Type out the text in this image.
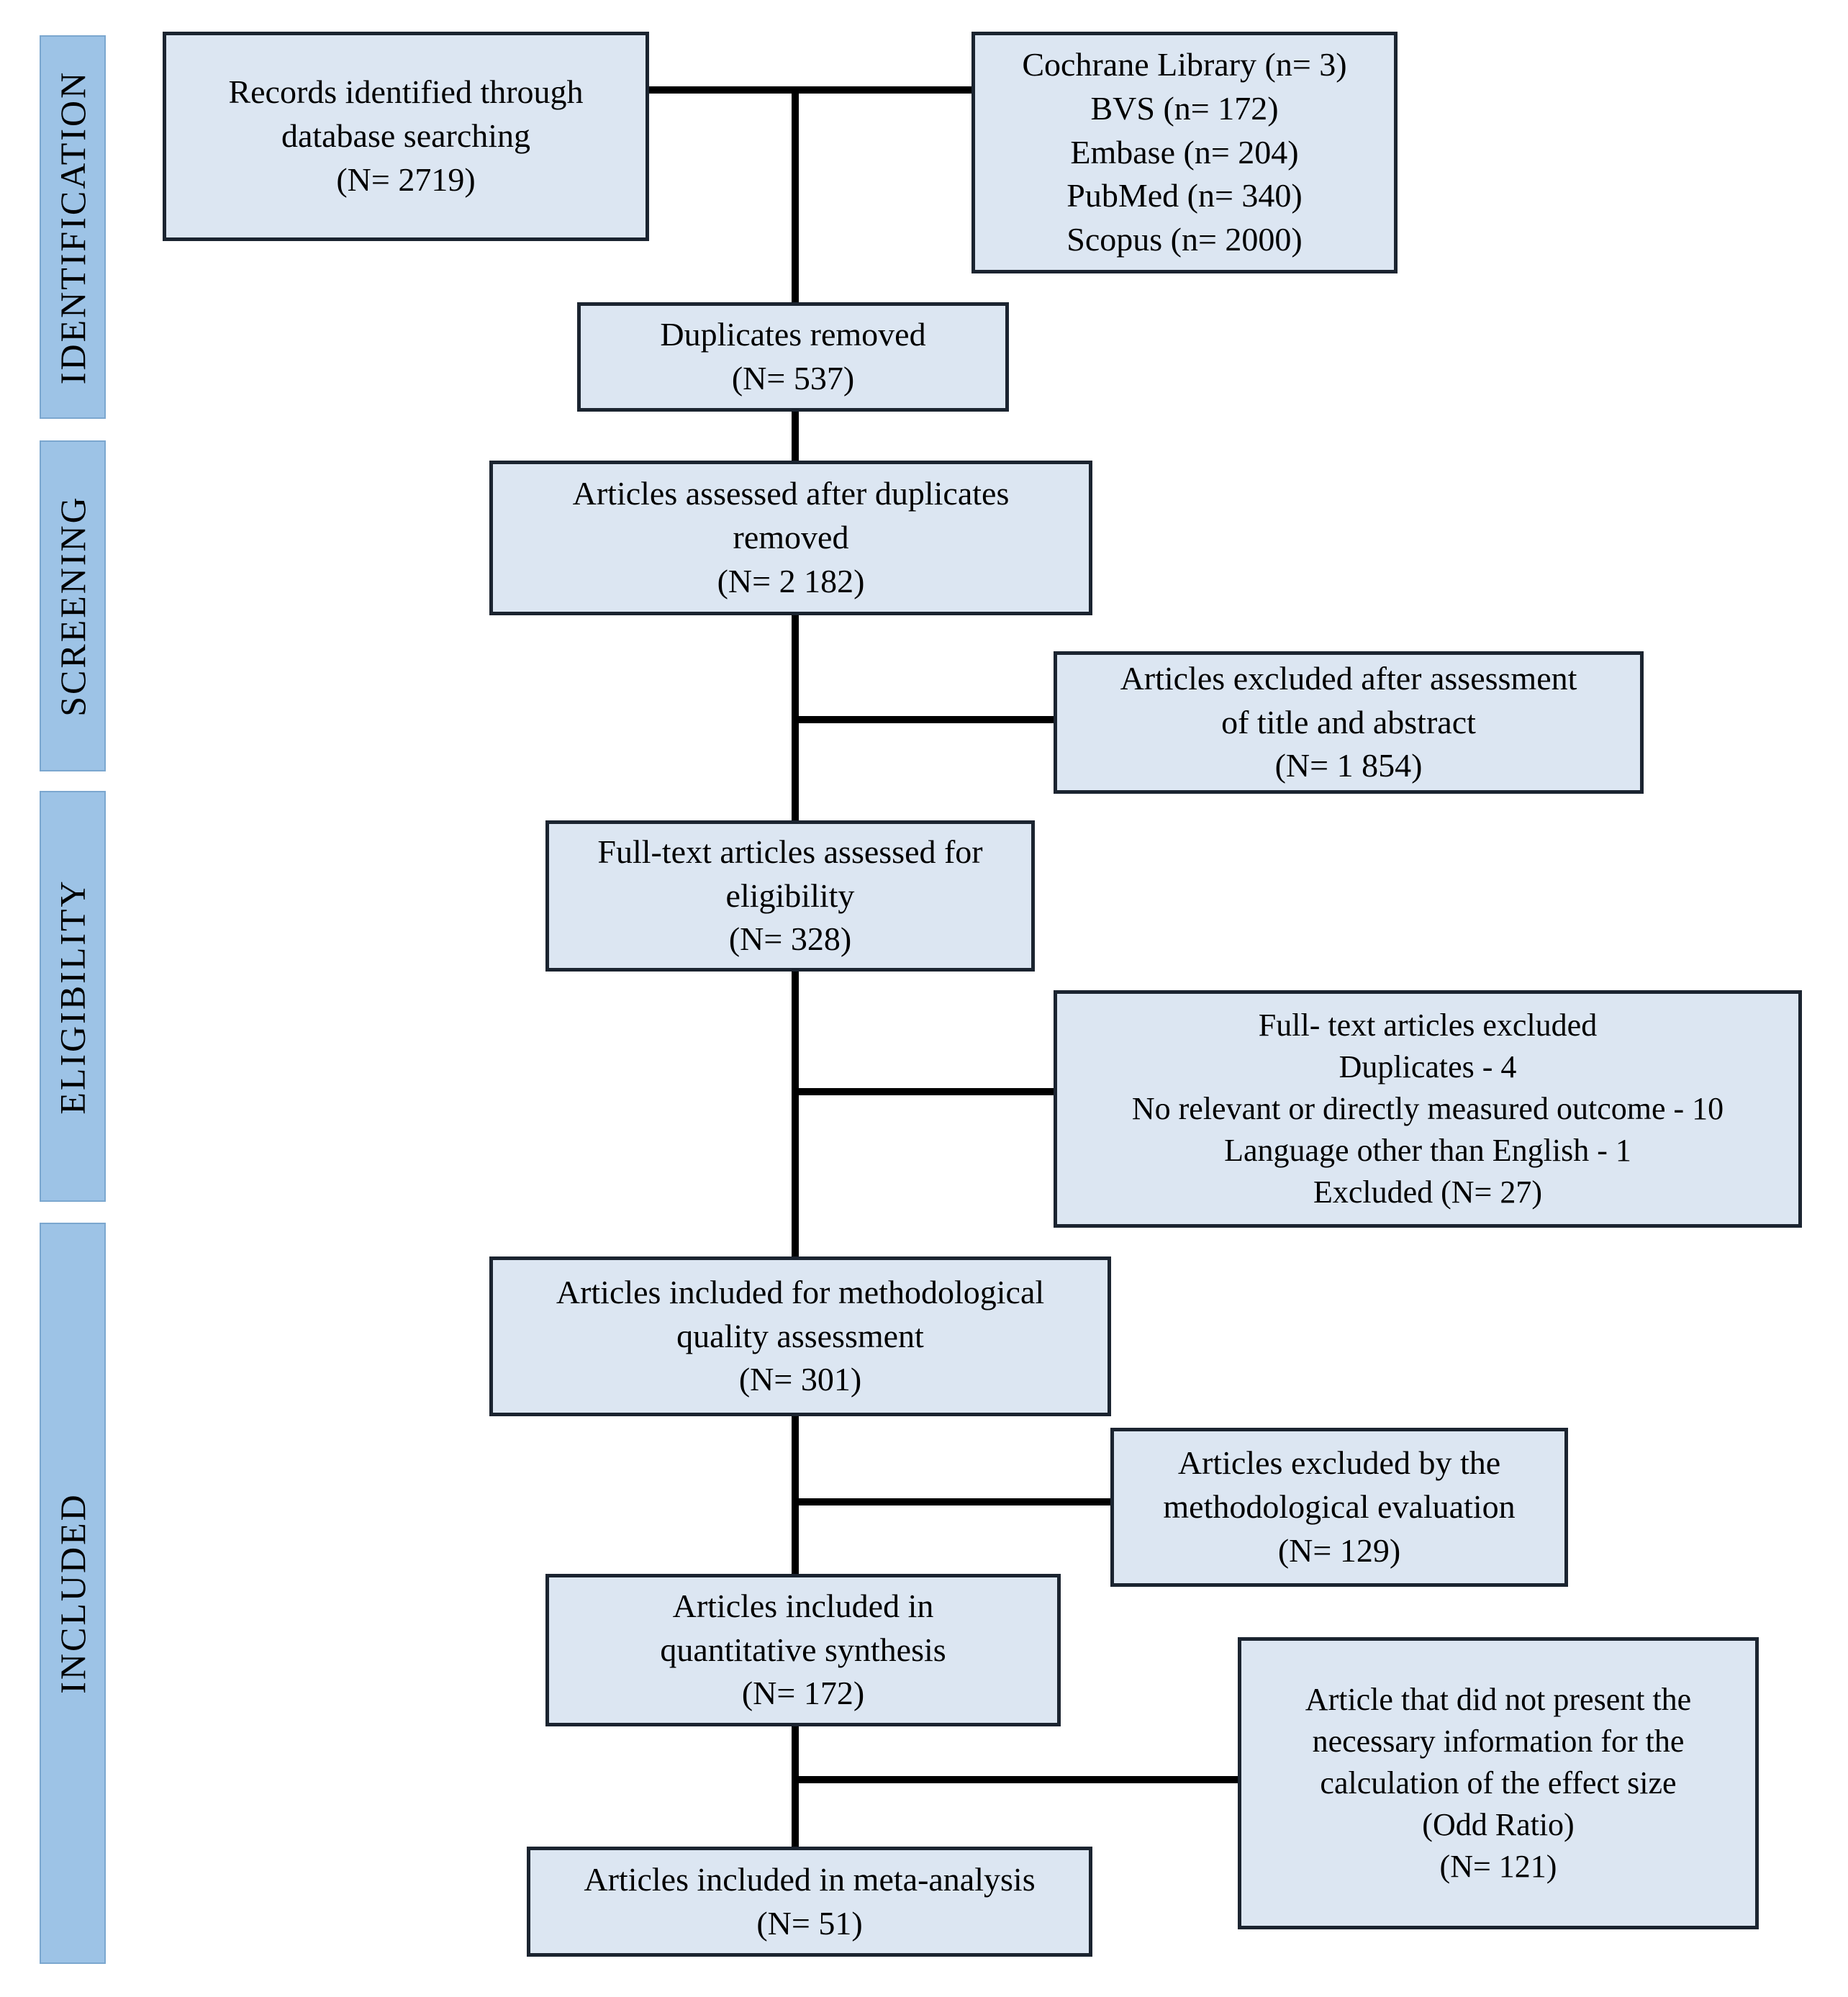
IDENTIFICATION
SCREENING
ELIGIBILITY
INCLUDED
Records identified through
database searching
(N= 2719)
Cochrane Library (n= 3)
BVS (n= 172)
Embase (n= 204)
PubMed (n= 340)
Scopus (n= 2000)
Duplicates removed
(N= 537)
Articles assessed after duplicates
removed
(N= 2 182)
Articles excluded after assessment
of title and abstract
(N= 1 854)
Full-text articles assessed for
eligibility
(N= 328)
Full- text articles excluded
Duplicates - 4
No relevant or directly measured outcome - 10
Language other than English - 1
Excluded (N= 27)
Articles included for methodological
quality assessment
(N= 301)
Articles excluded by the
methodological evaluation
(N= 129)
Articles included in
quantitative synthesis
(N= 172)	Article that did not present the
necessary information for the
calculation of the effect size
(Odd Ratio)
(N= 121)
Articles included in meta-analysis
(N= 51)
